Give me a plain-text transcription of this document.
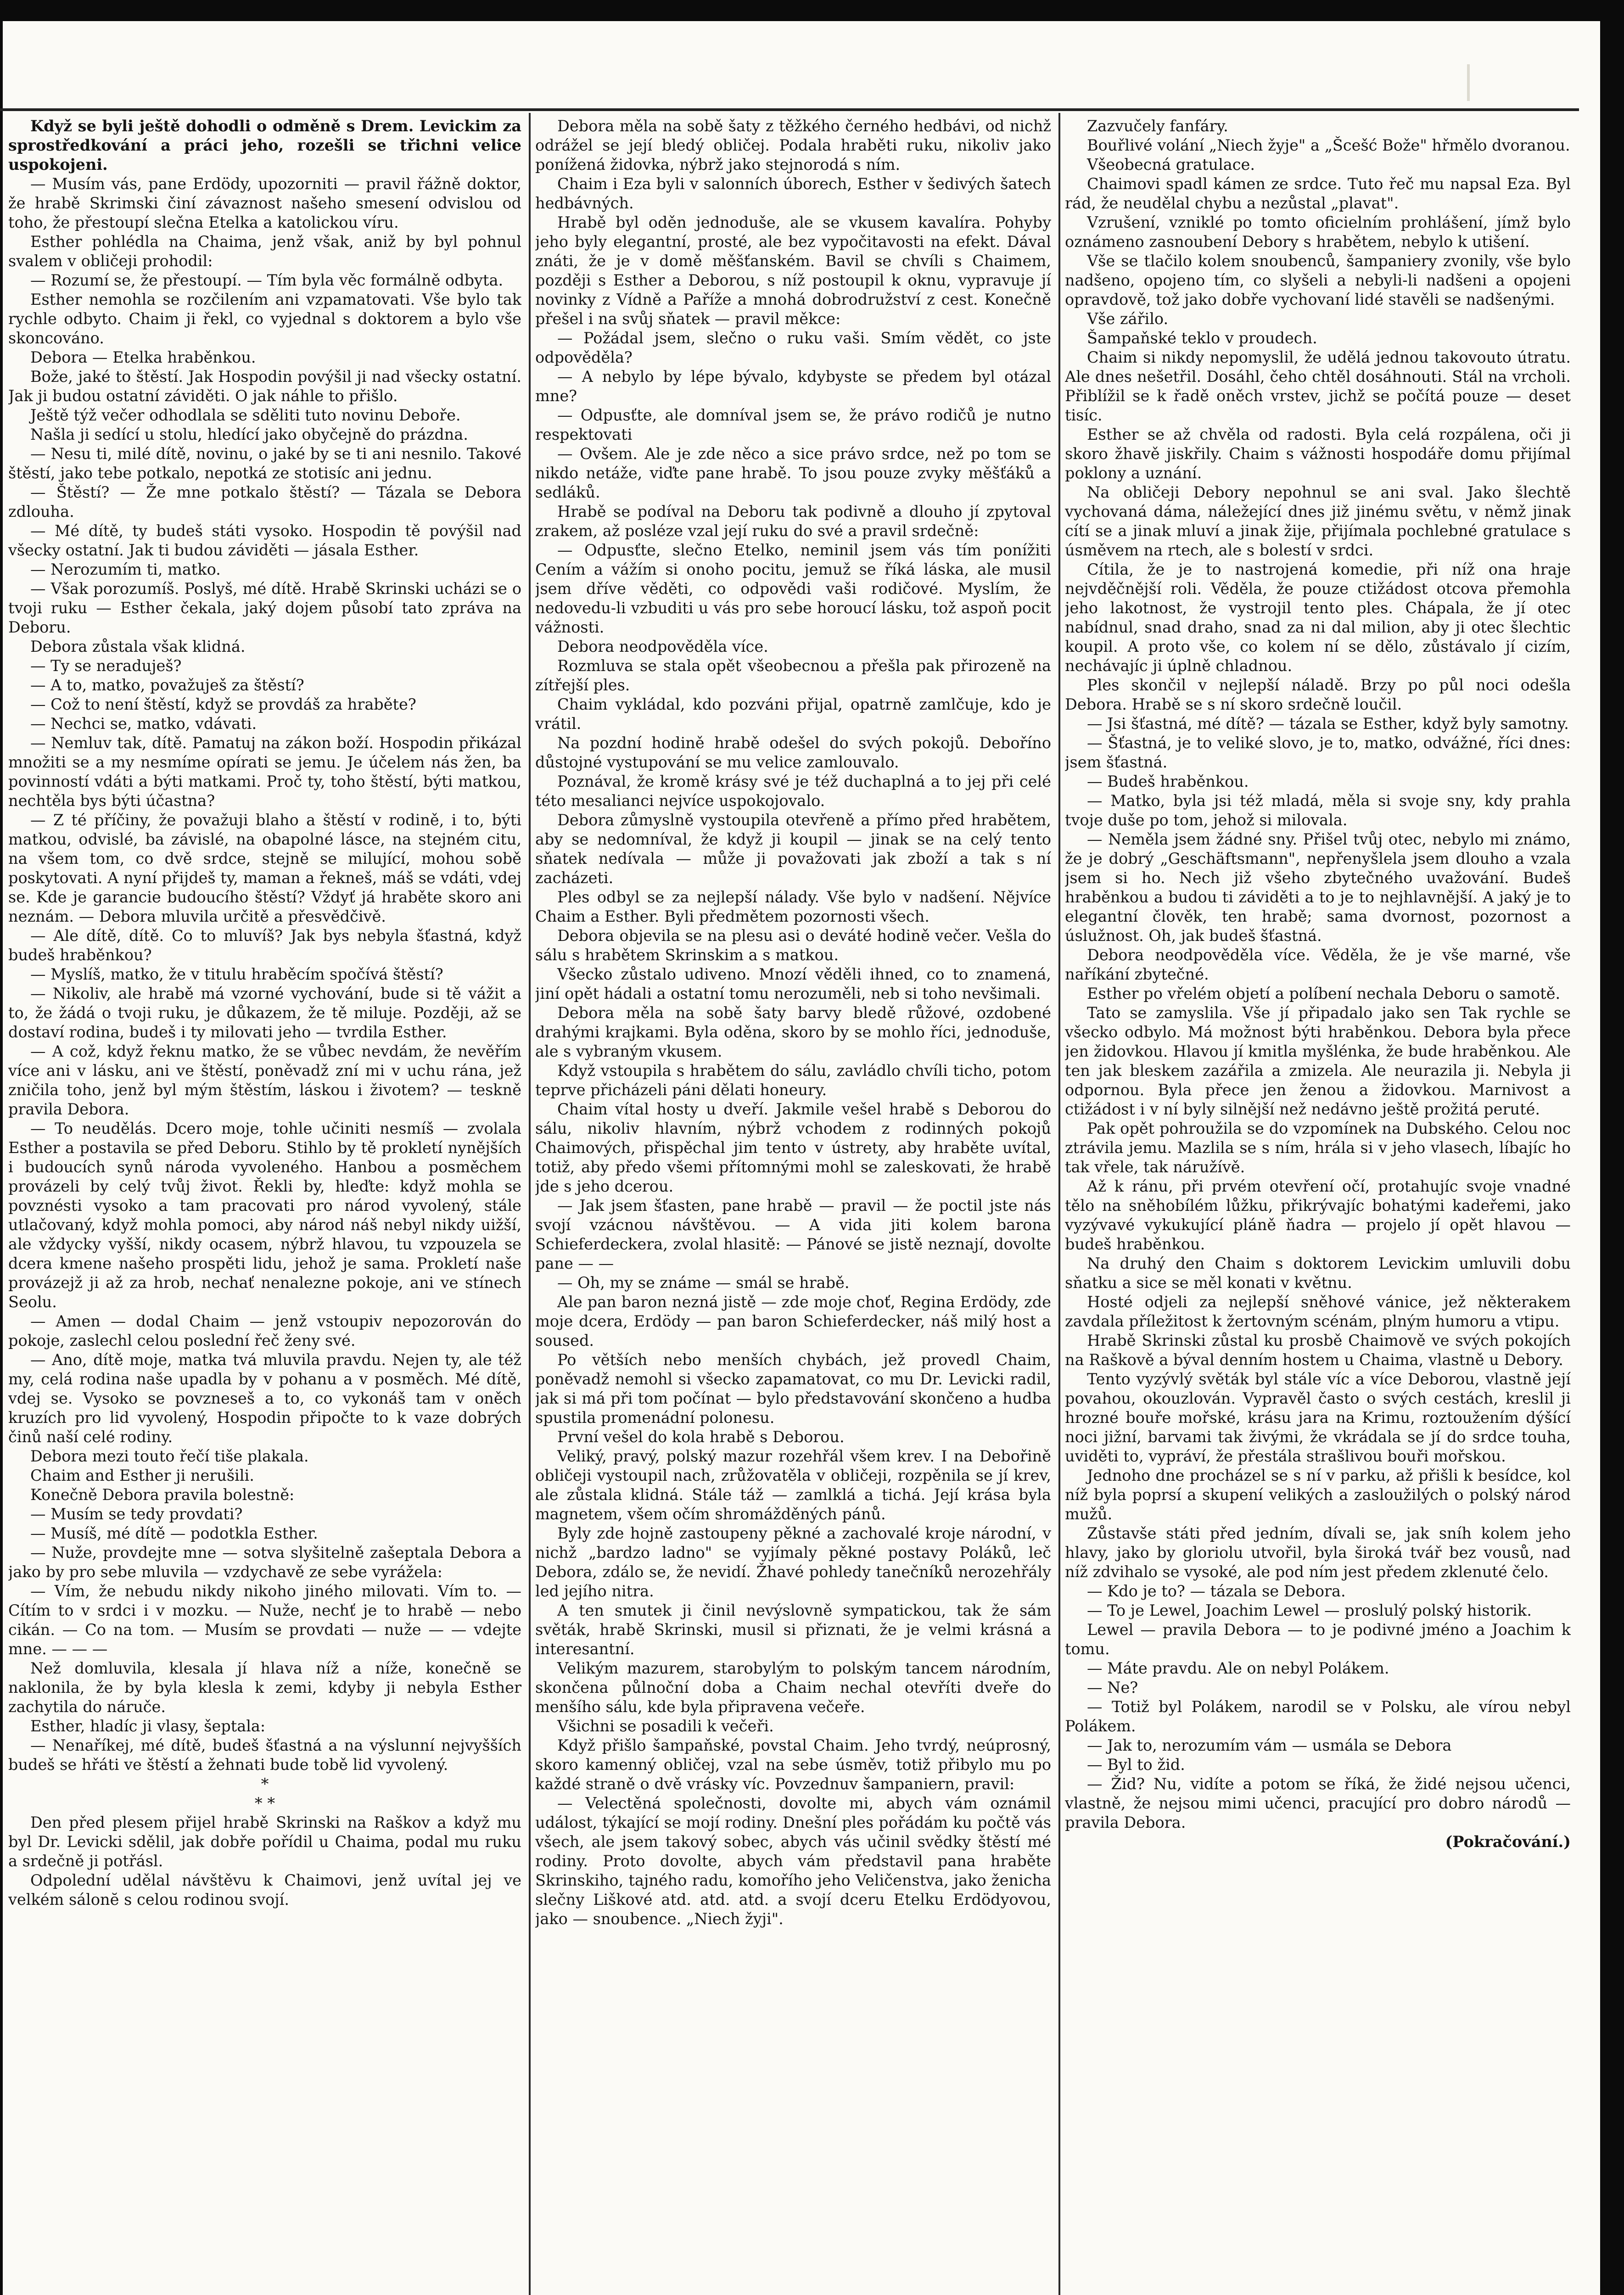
Když se byli ještě dohodli o odměně s Drem. Levickim za sprostředkování a práci jeho, rozešli se třichni velice uspokojeni.

— Musím vás, pane Erdödy, upozorniti — pravil řážně doktor, že hrabě Skrimski činí závaznost našeho smesení odvislou od toho, že přestoupí slečna Etelka a katolickou víru.

Esther pohlédla na Chaima, jenž však, aniž by byl pohnul svalem v obličeji prohodil:

— Rozumí se, že přestoupí. — Tím byla věc formálně odbyta.

Esther nemohla se rozčilením ani vzpamatovati. Vše bylo tak rychle odbyto. Chaim ji řekl, co vyjednal s doktorem a bylo vše skoncováno.

Debora — Etelka hraběnkou.

Bože, jaké to štěstí. Jak Hospodin povýšil ji nad všecky ostatní. Jak ji budou ostatní záviděti. O jak náhle to přišlo.

Ještě týž večer odhodlala se sděliti tuto novinu Deboře.

Našla ji sedící u stolu, hledící jako obyčejně do prázdna.

— Nesu ti, milé dítě, novinu, o jaké by se ti ani nesnilo. Takové štěstí, jako tebe potkalo, nepotká ze stotisíc ani jednu.

— Štěstí? — Že mne potkalo štěstí? — Tázala se Debora zdlouha.

— Mé dítě, ty budeš státi vysoko. Hospodin tě povýšil nad všecky ostatní. Jak ti budou záviděti — jásala Esther.

— Nerozumím ti, matko.

— Však porozumíš. Poslyš, mé dítě. Hrabě Skrinski ucházi se o tvoji ruku — Esther čekala, jaký dojem působí tato zpráva na Deboru.

Debora zůstala však klidná.

— Ty se neraduješ?

— A to, matko, považuješ za štěstí?

— Což to není štěstí, když se provdáš za hraběte?

— Nechci se, matko, vdávati.

— Nemluv tak, dítě. Pamatuj na zákon boží. Hospodin přikázal množiti se a my nesmíme opírati se jemu. Je účelem nás žen, ba povinností vdáti a býti matkami. Proč ty, toho štěstí, býti matkou, nechtěla bys býti účastna?

— Z té příčiny, že považuji blaho a štěstí v rodině, i to, býti matkou, odvislé, ba závislé, na obapolné lásce, na stejném citu, na všem tom, co dvě srdce, stejně se milující, mohou sobě poskytovati. A nyní přijdeš ty, maman a řekneš, máš se vdáti, vdej se. Kde je garancie budoucího štěstí? Vždyť já hraběte skoro ani neznám. — Debora mluvila určitě a přesvědčivě.

— Ale dítě, dítě. Co to mluvíš? Jak bys nebyla šťastná, když budeš hraběnkou?

— Myslíš, matko, že v titulu hraběcím spočívá štěstí?

— Nikoliv, ale hrabě má vzorné vychování, bude si tě vážit a to, že žádá o tvoji ruku, je důkazem, že tě miluje. Později, až se dostaví rodina, budeš i ty milovati jeho — tvrdila Esther.

— A což, když řeknu matko, že se vůbec nevdám, že nevěřím více ani v lásku, ani ve štěstí, poněvadž zní mi v uchu rána, jež zničila toho, jenž byl mým štěstím, láskou i životem? — teskně pravila Debora.

— To neudělás. Dcero moje, tohle učiniti nesmíš — zvolala Esther a postavila se před Deboru. Stihlo by tě prokletí nynějších i budoucích synů národa vyvoleného. Hanbou a posměchem provázeli by celý tvůj život. Řekli by, hleďte: když mohla se povznésti vysoko a tam pracovati pro národ vyvolený, stále utlačovaný, když mohla pomoci, aby národ náš nebyl nikdy uižší, ale vždycky vyšší, nikdy ocasem, nýbrž hlavou, tu vzpouzela se dcera kmene našeho prospěti lidu, jehož je sama. Prokletí naše provázejž ji až za hrob, nechať nenalezne pokoje, ani ve stínech Seolu.

— Amen — dodal Chaim — jenž vstoupiv nepozorován do pokoje, zaslechl celou poslední řeč ženy své.

— Ano, dítě moje, matka tvá mluvila pravdu. Nejen ty, ale též my, celá rodina naše upadla by v pohanu a v posměch. Mé dítě, vdej se. Vysoko se povzneseš a to, co vykonáš tam v oněch kruzích pro lid vyvolený, Hospodin připočte to k vaze dobrých činů naší celé rodiny.

Debora mezi touto řečí tiše plakala.

Chaim and Esther ji nerušili.

Konečně Debora pravila bolestně:

— Musím se tedy provdati?

— Musíš, mé dítě — podotkla Esther.

— Nuže, provdejte mne — sotva slyšitelně zašeptala Debora a jako by pro sebe mluvila — vzdychavě ze sebe vyrážela:

— Vím, že nebudu nikdy nikoho jiného milovati. Vím to. — Cítím to v srdci i v mozku. — Nuže, nechť je to hrabě — nebo cikán. — Co na tom. — Musím se provdati — nuže — — vdejte mne. — — —

Než domluvila, klesala jí hlava níž a níže, konečně se naklonila, že by byla klesla k zemi, kdyby ji nebyla Esther zachytila do náruče.

Esther, hladíc ji vlasy, šeptala:

— Nenaříkej, mé dítě, budeš šťastná a na výslunní nejvyšších budeš se hřáti ve štěstí a žehnati bude tobě lid vyvolený.

*

* *

Den před plesem přijel hrabě Skrinski na Raškov a když mu byl Dr. Levicki sdělil, jak dobře pořídil u Chaima, podal mu ruku a srdečně ji potřásl.

Odpolední udělal návštěvu k Chaimovi, jenž uvítal jej ve velkém sálonĕ s celou rodinou svojí.

Debora měla na sobě šaty z těžkého černého hedbávi, od nichž odrážel se její bledý obličej. Podala hraběti ruku, nikoliv jako ponížená židovka, nýbrž jako stejnorodá s ním.

Chaim i Eza byli v salonních úborech, Esther v šedivých šatech hedbávných.

Hrabě byl oděn jednoduše, ale se vkusem kavalíra. Pohyby jeho byly elegantní, prosté, ale bez vypočitavosti na efekt. Dával znáti, že je v domě měšťanském. Bavil se chvíli s Chaimem, později s Esther a Deborou, s níž postoupil k oknu, vypravuje jí novinky z Vídně a Paříže a mnohá dobrodružství z cest. Konečně přešel i na svůj sňatek — pravil měkce:

— Požádal jsem, slečno o ruku vaši. Smím vědět, co jste odpověděla?

— A nebylo by lépe bývalo, kdybyste se předem byl otázal mne?

— Odpusťte, ale domníval jsem se, že právo rodičů je nutno respektovati

— Ovšem. Ale je zde něco a sice právo srdce, než po tom se nikdo netáže, viďte pane hrabě. To jsou pouze zvyky měšťáků a sedláků.

Hrabě se podíval na Deboru tak podivně a dlouho jí zpytoval zrakem, až posléze vzal její ruku do své a pravil srdečně:

— Odpusťte, slečno Etelko, neminil jsem vás tím ponížiti Cením a vážím si onoho pocitu, jemuž se říká láska, ale musil jsem dříve věděti, co odpovědi vaši rodičové. Myslím, že nedovedu-li vzbuditi u vás pro sebe horoucí lásku, tož aspoň pocit vážnosti.

Debora neodpověděla více.

Rozmluva se stala opět všeobecnou a přešla pak přirozeně na zítřejší ples.

Chaim vykládal, kdo pozváni přijal, opatrně zamlčuje, kdo je vrátil.

Na pozdní hodině hrabě odešel do svých pokojů. Deboříno důstojné vystupování se mu velice zamlouvalo.

Poznával, že kromě krásy své je též duchaplná a to jej při celé této mesalianci nejvíce uspokojovalo.

Debora zůmyslně vystoupila otevřeně a přímo před hrabětem, aby se nedomníval, že když ji koupil — jinak se na celý tento sňatek nedívala — může ji považovati jak zboží a tak s ní zacházeti.

Ples odbyl se za nejlepší nálady. Vše bylo v nadšení. Nějvíce Chaim a Esther. Byli předmětem pozornosti všech.

Debora objevila se na plesu asi o deváté hodině večer. Vešla do sálu s hrabětem Skrinskim a s matkou.

Všecko zůstalo udiveno. Mnozí věděli ihned, co to znamená, jiní opět hádali a ostatní tomu nerozuměli, neb si toho nevšimali.

Debora měla na sobě šaty barvy bledě růžové, ozdobené drahými krajkami. Byla oděna, skoro by se mohlo říci, jednoduše, ale s vybraným vkusem.

Když vstoupila s hrabětem do sálu, zavládlo chvíli ticho, potom teprve přicházeli páni dělati honeury.

Chaim vítal hosty u dveří. Jakmile vešel hrabě s Deborou do sálu, nikoliv hlavním, nýbrž vchodem z rodinných pokojů Chaimových, přispěchal jim tento v ústrety, aby hraběte uvítal, totiž, aby předo všemi přítomnými mohl se zaleskovati, že hrabě jde s jeho dcerou.

— Jak jsem šťasten, pane hrabě — pravil — že poctil jste nás svojí vzácnou návštěvou. — A vida jiti kolem barona Schieferdeckera, zvolal hlasitě: — Pánové se jistě neznají, dovolte pane — —

— Oh, my se známe — smál se hrabě.

Ale pan baron nezná jistě — zde moje choť, Regina Erdödy, zde moje dcera, Erdödy — pan baron Schieferdecker, náš milý host a soused.

Po větších nebo menších chybách, jež provedl Chaim, poněvadž nemohl si všecko zapamatovat, co mu Dr. Levicki radil, jak si má při tom počínat — bylo představování skončeno a hudba spustila promenádní polonesu.

První vešel do kola hrabě s Deborou.

Veliký, pravý, polský mazur rozehřál všem krev. I na Debořině obličeji vystoupil nach, zrůžovatěla v obličeji, rozpěnila se jí krev, ale zůstala klidná. Stále táž — zamlklá a tichá. Její krása byla magnetem, všem očím shromážděných pánů.

Byly zde hojně zastoupeny pěkné a zachovalé kroje národní, v nichž „bardzo ladno" se vyjímaly pěkné postavy Poláků, leč Debora, zdálo se, že nevidí. Žhavé pohledy tanečníků nerozehřály led jejího nitra.

A ten smutek ji činil nevýslovně sympatickou, tak že sám světák, hrabě Skrinski, musil si přiznati, že je velmi krásná a interesantní.

Velikým mazurem, starobylým to polským tancem národním, skončena půlnoční doba a Chaim nechal otevříti dveře do menšího sálu, kde byla připravena večeře.

Všichni se posadili k večeři.

Když přišlo šampaňské, povstal Chaim. Jeho tvrdý, neúprosný, skoro kamenný obličej, vzal na sebe úsměv, totiž přibylo mu po každé straně o dvě vrásky víc. Povzednuv šampaniern, pravil:

— Velectěná společnosti, dovolte mi, abych vám oznámil událost, týkající se mojí rodiny. Dnešní ples pořádám ku počtě vás všech, ale jsem takový sobec, abych vás učinil svědky štěstí mé rodiny. Proto dovolte, abych vám představil pana hraběte Skrinskiho, tajného radu, komořího jeho Veličenstva, jako ženicha slečny Liškové atd. atd. atd. a svojí dceru Etelku Erdödyovou, jako — snoubence. „Niech žyji".

Zazvučely fanfáry.

Bouřlivé volání „Niech žyje" a „Šcešć Bože" hřmělo dvoranou.

Všeobecná gratulace.

Chaimovi spadl kámen ze srdce. Tuto řeč mu napsal Eza. Byl rád, že neudělal chybu a nezůstal „plavat".

Vzrušení, vzniklé po tomto oficielním prohlášení, jímž bylo oznámeno zasnoubení Debory s hrabětem, nebylo k utišení.

Vše se tlačilo kolem snoubenců, šampaniery zvonily, vše bylo nadšeno, opojeno tím, co slyšeli a nebyli-li nadšeni a opojeni opravdově, tož jako dobře vychovaní lidé stavěli se nadšenými.

Vše zářilo.

Šampaňské teklo v proudech.

Chaim si nikdy nepomyslil, že udělá jednou takovouto útratu. Ale dnes nešetřil. Dosáhl, čeho chtěl dosáhnouti. Stál na vrcholi. Přiblížil se k řadě oněch vrstev, jichž se počítá pouze — deset tisíc.

Esther se až chvěla od radosti. Byla celá rozpálena, oči ji skoro žhavě jiskřily. Chaim s vážnosti hospodáře domu přijímal poklony a uznání.

Na obličeji Debory nepohnul se ani sval. Jako šlechtě vychovaná dáma, náležející dnes již jinému světu, v němž jinak cítí se a jinak mluví a jinak žije, přijímala pochlebné gratulace s úsměvem na rtech, ale s bolestí v srdci.

Cítila, že je to nastrojená komedie, při níž ona hraje nejvděčnější roli. Věděla, že pouze ctižádost otcova přemohla jeho lakotnost, že vystrojil tento ples. Chápala, že jí otec nabídnul, snad draho, snad za ni dal milion, aby ji otec šlechtic koupil. A proto vše, co kolem ní se dělo, zůstávalo jí cizím, nechávajíc ji úplně chladnou.

Ples skončil v nejlepší náladě. Brzy po půl noci odešla Debora. Hrabě se s ní skoro srdečně loučil.

— Jsi šťastná, mé dítě? — tázala se Esther, když byly samotny.

— Šťastná, je to veliké slovo, je to, matko, odvážné, říci dnes: jsem šťastná.

— Budeš hraběnkou.

— Matko, byla jsi též mladá, měla si svoje sny, kdy prahla tvoje duše po tom, jehož si milovala.

— Neměla jsem žádné sny. Přišel tvůj otec, nebylo mi známo, že je dobrý „Geschäftsmann", nepřenyšlela jsem dlouho a vzala jsem si ho. Nech již všeho zbytečného uvažování. Budeš hraběnkou a budou ti záviděti a to je to nejhlavnější. A jaký je to elegantní člověk, ten hrabě; sama dvornost, pozornost a úslužnost. Oh, jak budeš šťastná.

Debora neodpověděla více. Věděla, že je vše marné, vše naříkání zbytečné.

Esther po vřelém objetí a políbení nechala Deboru o samotě.

Tato se zamyslila. Vše jí připadalo jako sen Tak rychle se všecko odbylo. Má možnost býti hraběnkou. Debora byla přece jen židovkou. Hlavou jí kmitla myšlénka, že bude hraběnkou. Ale ten jak bleskem zazářila a zmizela. Ale neurazila ji. Nebyla ji odpornou. Byla přece jen ženou a židovkou. Marnivost a ctižádost i v ní byly silnější než nedávno ještě prožitá peruté.

Pak opět pohroužila se do vzpomínek na Dubského. Celou noc ztrávila jemu. Mazlila se s ním, hrála si v jeho vlasech, líbajíc ho tak vřele, tak náružívě.

Až k ránu, při prvém otevření očí, protahujíc svoje vnadné tělo na sněhobílém lůžku, přikrývajíc bohatými kadeřemi, jako vyzývavé vykukující pláně ňadra — projelo jí opět hlavou — budeš hraběnkou.

Na druhý den Chaim s doktorem Levickim umluvili dobu sňatku a sice se měl konati v květnu.

Hosté odjeli za nejlepší sněhové vánice, jež některakem zavdala příležitost k žertovným scénám, plným humoru a vtipu.

Hrabě Skrinski zůstal ku prosbě Chaimově ve svých pokojích na Raškově a býval denním hostem u Chaima, vlastně u Debory.

Tento vyzývlý světák byl stále víc a více Deborou, vlastně její povahou, okouzlován. Vypravěl často o svých cestách, kreslil ji hrozné bouře mořské, krásu jara na Krimu, roztoužením dýšící noci jižní, barvami tak živými, že vkrádala se jí do srdce touha, uviděti to, vypráví, že přestála strašlivou bouři mořskou.

Jednoho dne procházel se s ní v parku, až přišli k besídce, kol níž byla poprsí a skupení velikých a zasloužilých o polský národ mužů.

Zůstavše státi před jedním, dívali se, jak sníh kolem jeho hlavy, jako by gloriolu utvořil, byla široká tvář bez vousů, nad níž zdvihalo se vysoké, ale pod ním jest předem zklenuté čelo.

— Kdo je to? — tázala se Debora.

— To je Lewel, Joachim Lewel — proslulý polský historik.

Lewel — pravila Debora — to je podivné jméno a Joachim k tomu.

— Máte pravdu. Ale on nebyl Polákem.

— Ne?

— Totiž byl Polákem, narodil se v Polsku, ale vírou nebyl Polákem.

— Jak to, nerozumím vám — usmála se Debora

— Byl to žid.

— Žid? Nu, vidíte a potom se říká, že židé nejsou učenci, vlastně, že nejsou mimi učenci, pracující pro dobro národů — pravila Debora.

(Pokračování.)
